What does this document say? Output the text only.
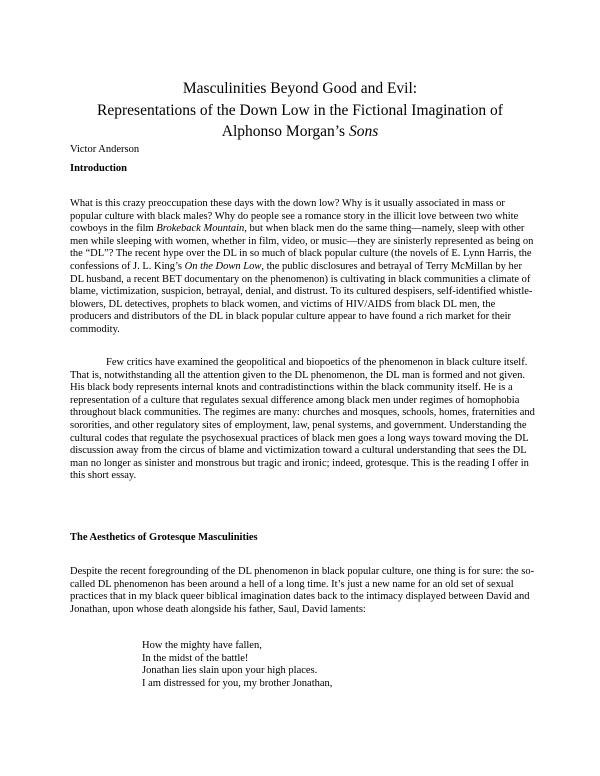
Masculinities Beyond Good and Evil:
Representations of the Down Low in the Fictional Imagination of
Alphonso Morgan’s Sons

Victor Anderson

Introduction

What is this crazy preoccupation these days with the down low? Why is it usually associated in mass or popular culture with black males? Why do people see a romance story in the illicit love between two white cowboys in the film Brokeback Mountain, but when black men do the same thing—namely, sleep with other men while sleeping with women, whether in film, video, or music—they are sinisterly represented as being on the “DL”? The recent hype over the DL in so much of black popular culture (the novels of E. Lynn Harris, the confessions of J. L. King’s On the Down Low, the public disclosures and betrayal of Terry McMillan by her DL husband, a recent BET documentary on the phenomenon) is cultivating in black communities a climate of blame, victimization, suspicion, betrayal, denial, and distrust. To its cultured despisers, self-identified whistle-blowers, DL detectives, prophets to black women, and victims of HIV/AIDS from black DL men, the producers and distributors of the DL in black popular culture appear to have found a rich market for their commodity.

Few critics have examined the geopolitical and biopoetics of the phenomenon in black culture itself. That is, notwithstanding all the attention given to the DL phenomenon, the DL man is formed and not given. His black body represents internal knots and contradistinctions within the black community itself. He is a representation of a culture that regulates sexual difference among black men under regimes of homophobia throughout black communities. The regimes are many: churches and mosques, schools, homes, fraternities and sororities, and other regulatory sites of employment, law, penal systems, and government. Understanding the cultural codes that regulate the psychosexual practices of black men goes a long ways toward moving the DL discussion away from the circus of blame and victimization toward a cultural understanding that sees the DL man no longer as sinister and monstrous but tragic and ironic; indeed, grotesque. This is the reading I offer in this short essay.

The Aesthetics of Grotesque Masculinities

Despite the recent foregrounding of the DL phenomenon in black popular culture, one thing is for sure: the so-called DL phenomenon has been around a hell of a long time. It’s just a new name for an old set of sexual practices that in my black queer biblical imagination dates back to the intimacy displayed between David and Jonathan, upon whose death alongside his father, Saul, David laments:

How the mighty have fallen,
In the midst of the battle!
Jonathan lies slain upon your high places.
I am distressed for you, my brother Jonathan,
